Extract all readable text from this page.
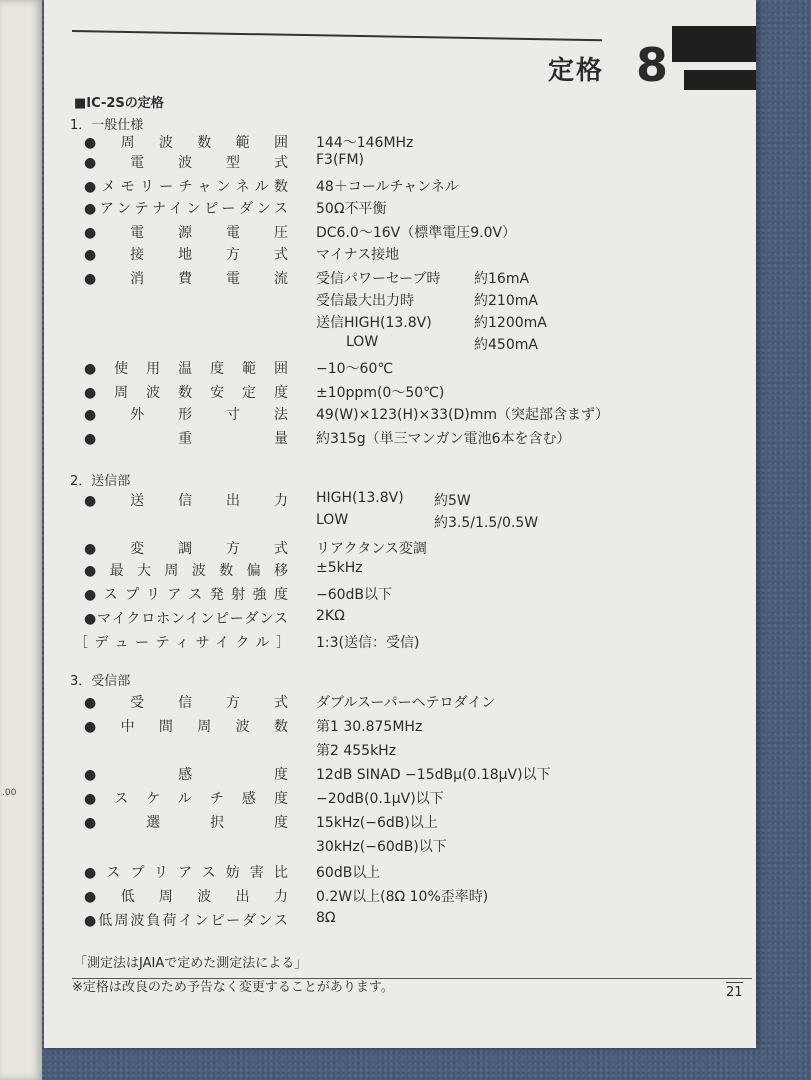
.00
定格 8
■IC-2Sの定格
1．一般仕様
●周波数範囲 144〜146MHz
●電波型式 F3(FM)
●メモリーチャンネル数 48＋コールチャンネル
●アンテナインピーダンス 50Ω不平衡
●電源電圧 DC6.0〜16V（標準電圧9.0V）
●接地方式 マイナス接地
●消費電流 受信パワーセーブ時 約16mA
受信最大出力時	約210mA
送信HIGH(13.8V)	約1200mA
LOW	約450mA
●使用温度範囲 −10〜60℃
●周波数安定度 ±10ppm(0〜50℃)
●外形寸法 49(W)×123(H)×33(D)mm（突起部含まず）
●重量 約315g（単三マンガン電池6本を含む）
2．送信部
●送信出力 HIGH(13.8V) 約5W
LOW	約3.5/1.5/0.5W
●変調方式 リアクタンス変調
●最大周波数偏移 ±5kHz
●スプリアス発射強度 −60dB以下
●マイクロホンインピーダンス 2KΩ
［デューティサイクル］ 1:3(送信：受信)
3．受信部
●受信方式 ダブルスーパーヘテロダイン
●中間周波数 第1 30.875MHz
第2 455kHz
●感度 12dB SINAD −15dBμ(0.18μV)以下
●スケルチ感度 −20dB(0.1μV)以下
●選択度 15kHz(−6dB)以上
30kHz(−60dB)以下
●スプリアス妨害比 60dB以上
●低周波出力 0.2W以上(8Ω 10%歪率時)
●低周波負荷インピーダンス 8Ω
「測定法はJAIAで定めた測定法による」
※定格は改良のため予告なく変更することがあります。	21
